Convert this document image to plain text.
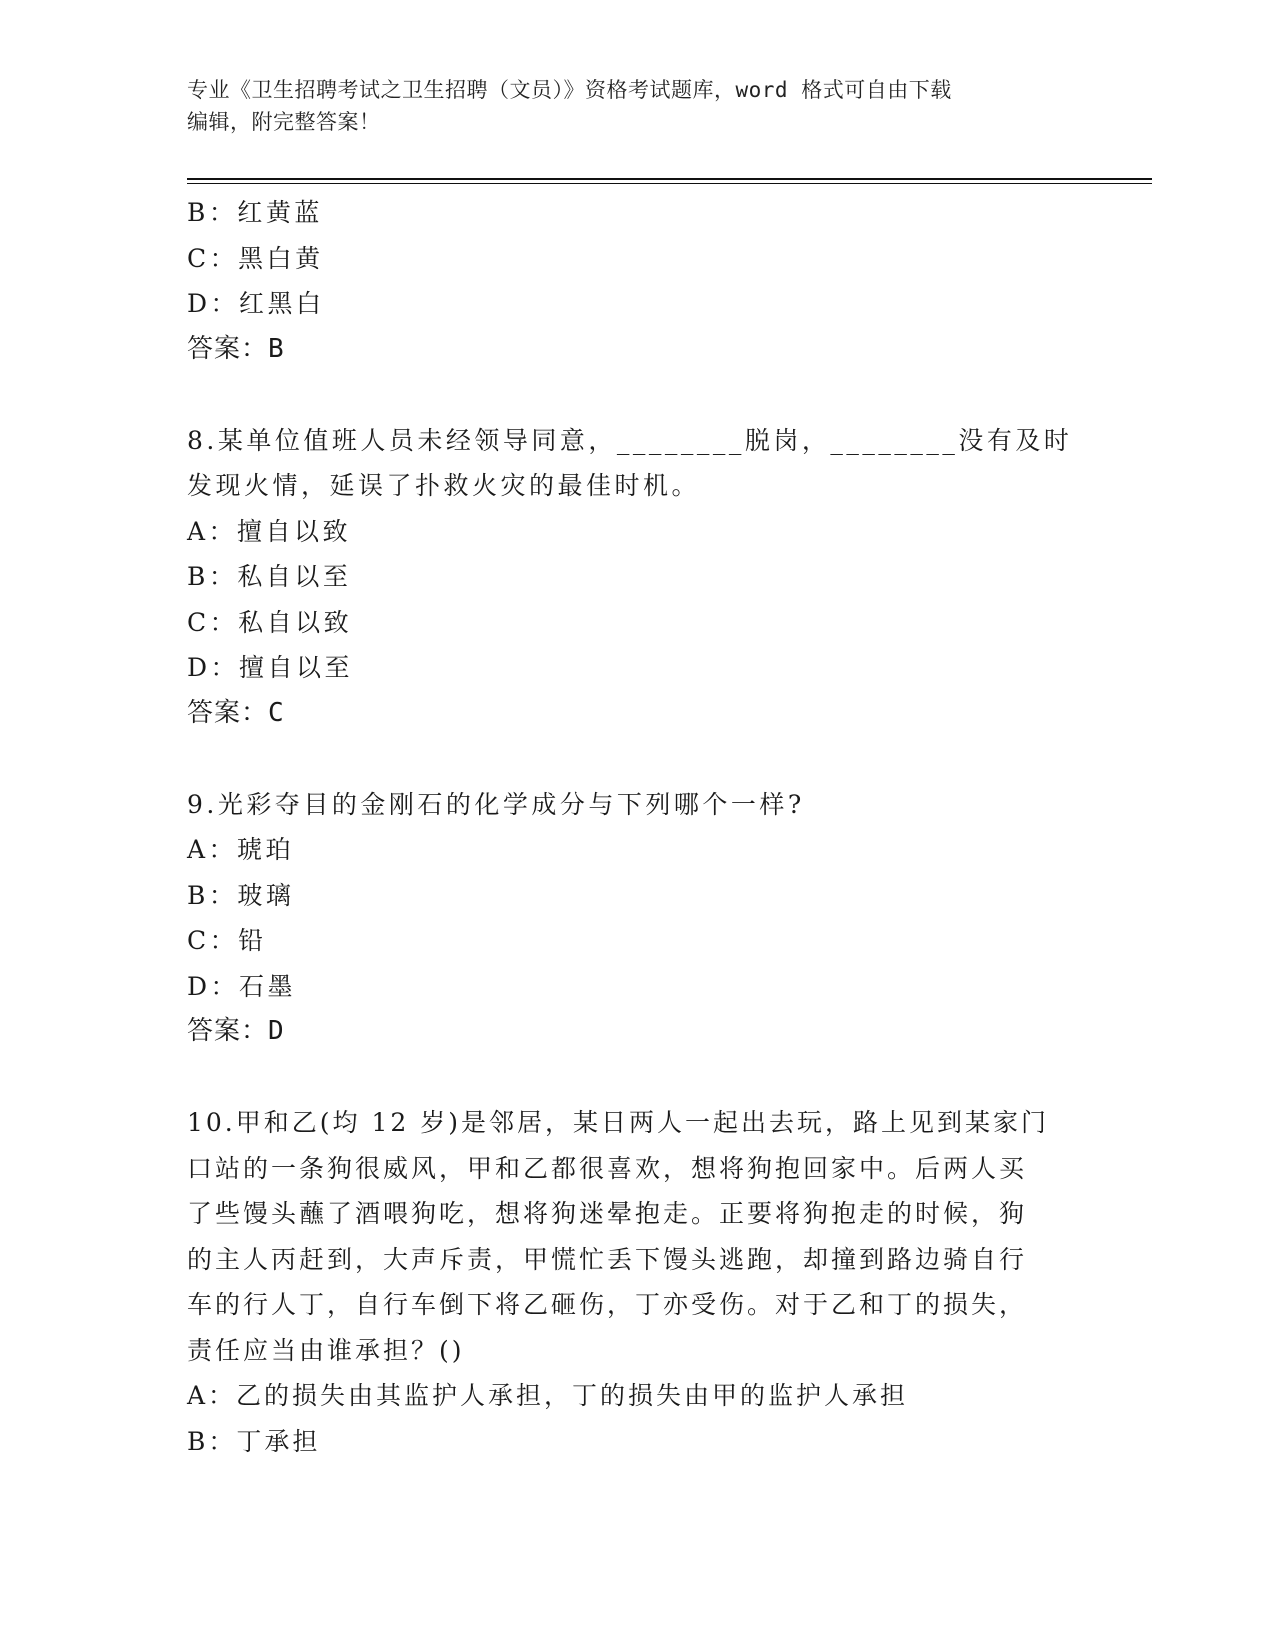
专业《卫生招聘考试之卫生招聘（文员）》资格考试题库，word 格式可自由下载
编辑，附完整答案！
B：红黄蓝
C：黑白黄
D：红黑白
答案：B
8.某单位值班人员未经领导同意，________脱岗，________没有及时
发现火情，延误了扑救火灾的最佳时机。
A：擅自以致
B：私自以至
C：私自以致
D：擅自以至
答案：C
9.光彩夺目的金刚石的化学成分与下列哪个一样?
A：琥珀
B：玻璃
C：铅
D：石墨
答案：D
10.甲和乙(均 12 岁)是邻居，某日两人一起出去玩，路上见到某家门
口站的一条狗很威风，甲和乙都很喜欢，想将狗抱回家中。后两人买
了些馒头蘸了酒喂狗吃，想将狗迷晕抱走。正要将狗抱走的时候，狗
的主人丙赶到，大声斥责，甲慌忙丢下馒头逃跑，却撞到路边骑自行
车的行人丁，自行车倒下将乙砸伤，丁亦受伤。对于乙和丁的损失，
责任应当由谁承担？()
A：乙的损失由其监护人承担，丁的损失由甲的监护人承担
B：丁承担
